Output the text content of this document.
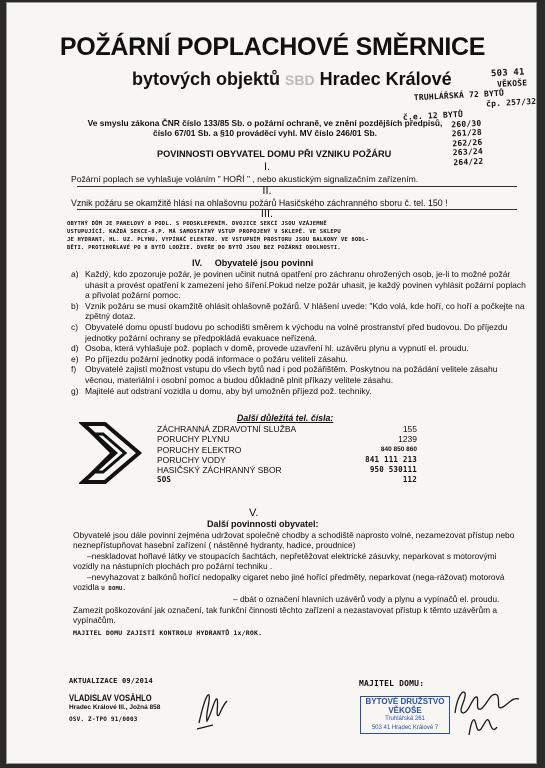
POŽÁRNÍ POPLACHOVÉ SMĚRNICE
bytových objektů SBD Hradec Králové	503 41
VĚKOŠE
TRUHLÁŘSKÁ 72 BYTŮ
čp. 257/32
č.e. 12 BYTŮ
260/30
261/28
262/26
263/24
264/22
Ve smyslu zákona ČNR číslo 133/85 Sb. o požární ochraně, ve znění pozdějších předpisů,
číslo 67/01 Sb. a §10 prováděcí vyhl. MV číslo 246/01 Sb.
POVINNOSTI OBYVATEL DOMU PŘI VZNIKU POŽÁRU
I.
Požární poplach se vyhlašuje voláním " HOŘÍ " , nebo akustickým signalizačním zařízením.
II.
Vznik požáru se okamžitě hlásí na ohlašovnu požárů Hasičského záchranného sboru č. tel. 150 !
III.
OBYTNÝ DŮM JE PANELOVÝ 8 PODL. S PODSKLEPENÍM. DVOJICE SEKCÍ JSOU VZÁJEMNĚ
USTUPUJÍCÍ. KAŽDÁ SEKCE-8.P. MÁ SAMOSTATNÝ VSTUP PROPOJENÝ V SKLEPĚ. VE SKLEPU
JE HYDRANT, HL. UZ. PLYNU, VYPÍNAČ ELEKTRO. VE VSTUPNÍM PROSTORU JSOU BALKONY VE 8ODL-
BĚTI. PROTIHOŘLAVÉ PO 8 BYTŮ LODŽIE. DVEŘE DO BYTŮ JSOU BEZ POŽÁRNÍ ODOLNOSTI.
IV. Obyvatelé jsou povinni
a) Každý, kdo zpozoruje požár, je povinen učinit nutná opatření pro záchranu ohrožených osob, je-li to možné požár uhasit a provést opatření k zamezení jeho šíření.Pokud nelze požár uhasit, je každý povinen vyhlásit požární poplach a přivolat požární pomoc.
b) Vznik požáru se musí okamžitě ohlásit ohlašovně požárů. V hlášení uvede: "Kdo volá, kde hoří, co hoří a počkejte na zpětný dotaz.
c) Obyvatelé domu opustí budovu po schodišti směrem k východu na volné prostranství před budovou. Do příjezdu jednotky požární ochrany se předpokládá evakuace neřízená.
d) Osoba, která vyhlašuje pož. poplach v domě, provede uzavření hl. uzávěru plynu a vypnutí el. proudu.
e) Po příjezdu požární jednotky podá informace o požáru velitelí zásahu.
f)	Obyvatelé zajistí možnost vstupu do všech bytů nad i pod požářištěm. Poskytnou na požádání velitele zásahu věcnou, materiální i osobní pomoc a budou důkladně plnit příkazy velitele zásahu.
g) Majitelé aut odstraní vozidla u domu, aby byl umožněn příjezd pož. techniky.
Další důležitá tel. čísla:
ZÁCHRANNÁ ZDRAVOTNÍ SLUŽBA	155
PORUCHY PLYNU	1239
PORUCHY ELEKTRO	840 850 860
PORUCHY VODY	841 111 213
HASIČSKÝ ZÁCHRANNÝ SBOR	950 530111
SOS	112
V.
Další povinnosti obyvatel:

Obyvatelé jsou dále povinni zejména udržovat společné chodby a schodiště naprosto volné, nezamezovat přístup nebo neznepřístupňovat hasební zařízení ( nástěnné hydranty, hadice, proudnice)

–neskladovat hořlavé látky ve stoupacích šachtách, nepřetěžovat elektrické zásuvky, neparkovat s motorovými vozidly na nástupních plochách pro požární techniku .

–nevyhazovat z balkónů hořící nedopalky cigaret nebo jiné hořící předměty, neparkovat (nega-rážovat) motorová vozidla U DOMU.

– dbát o označení hlavních uzávěrů vody a plynu a vypínačů el. proudu. Zamezit poškozování jak označení, tak funkční činnosti těchto zařízení a nezastavovat přístup k těmto uzávěrům a vypínačům.

MAJITEL DOMU ZAJISTÍ KONTROLU HYDRANTŮ 1x/ROK.

AKTUALIZACE 09/2014
VLADISLAV VOSÁHLO
Hradec Králové III., Jožná 858
OSV. Z-TPO 91/0003
MAJITEL DOMU:
BYTOVÉ DRUŽSTVO
VĚKOŠE
Truhlářská 261
503 41 Hradec Králové 7
